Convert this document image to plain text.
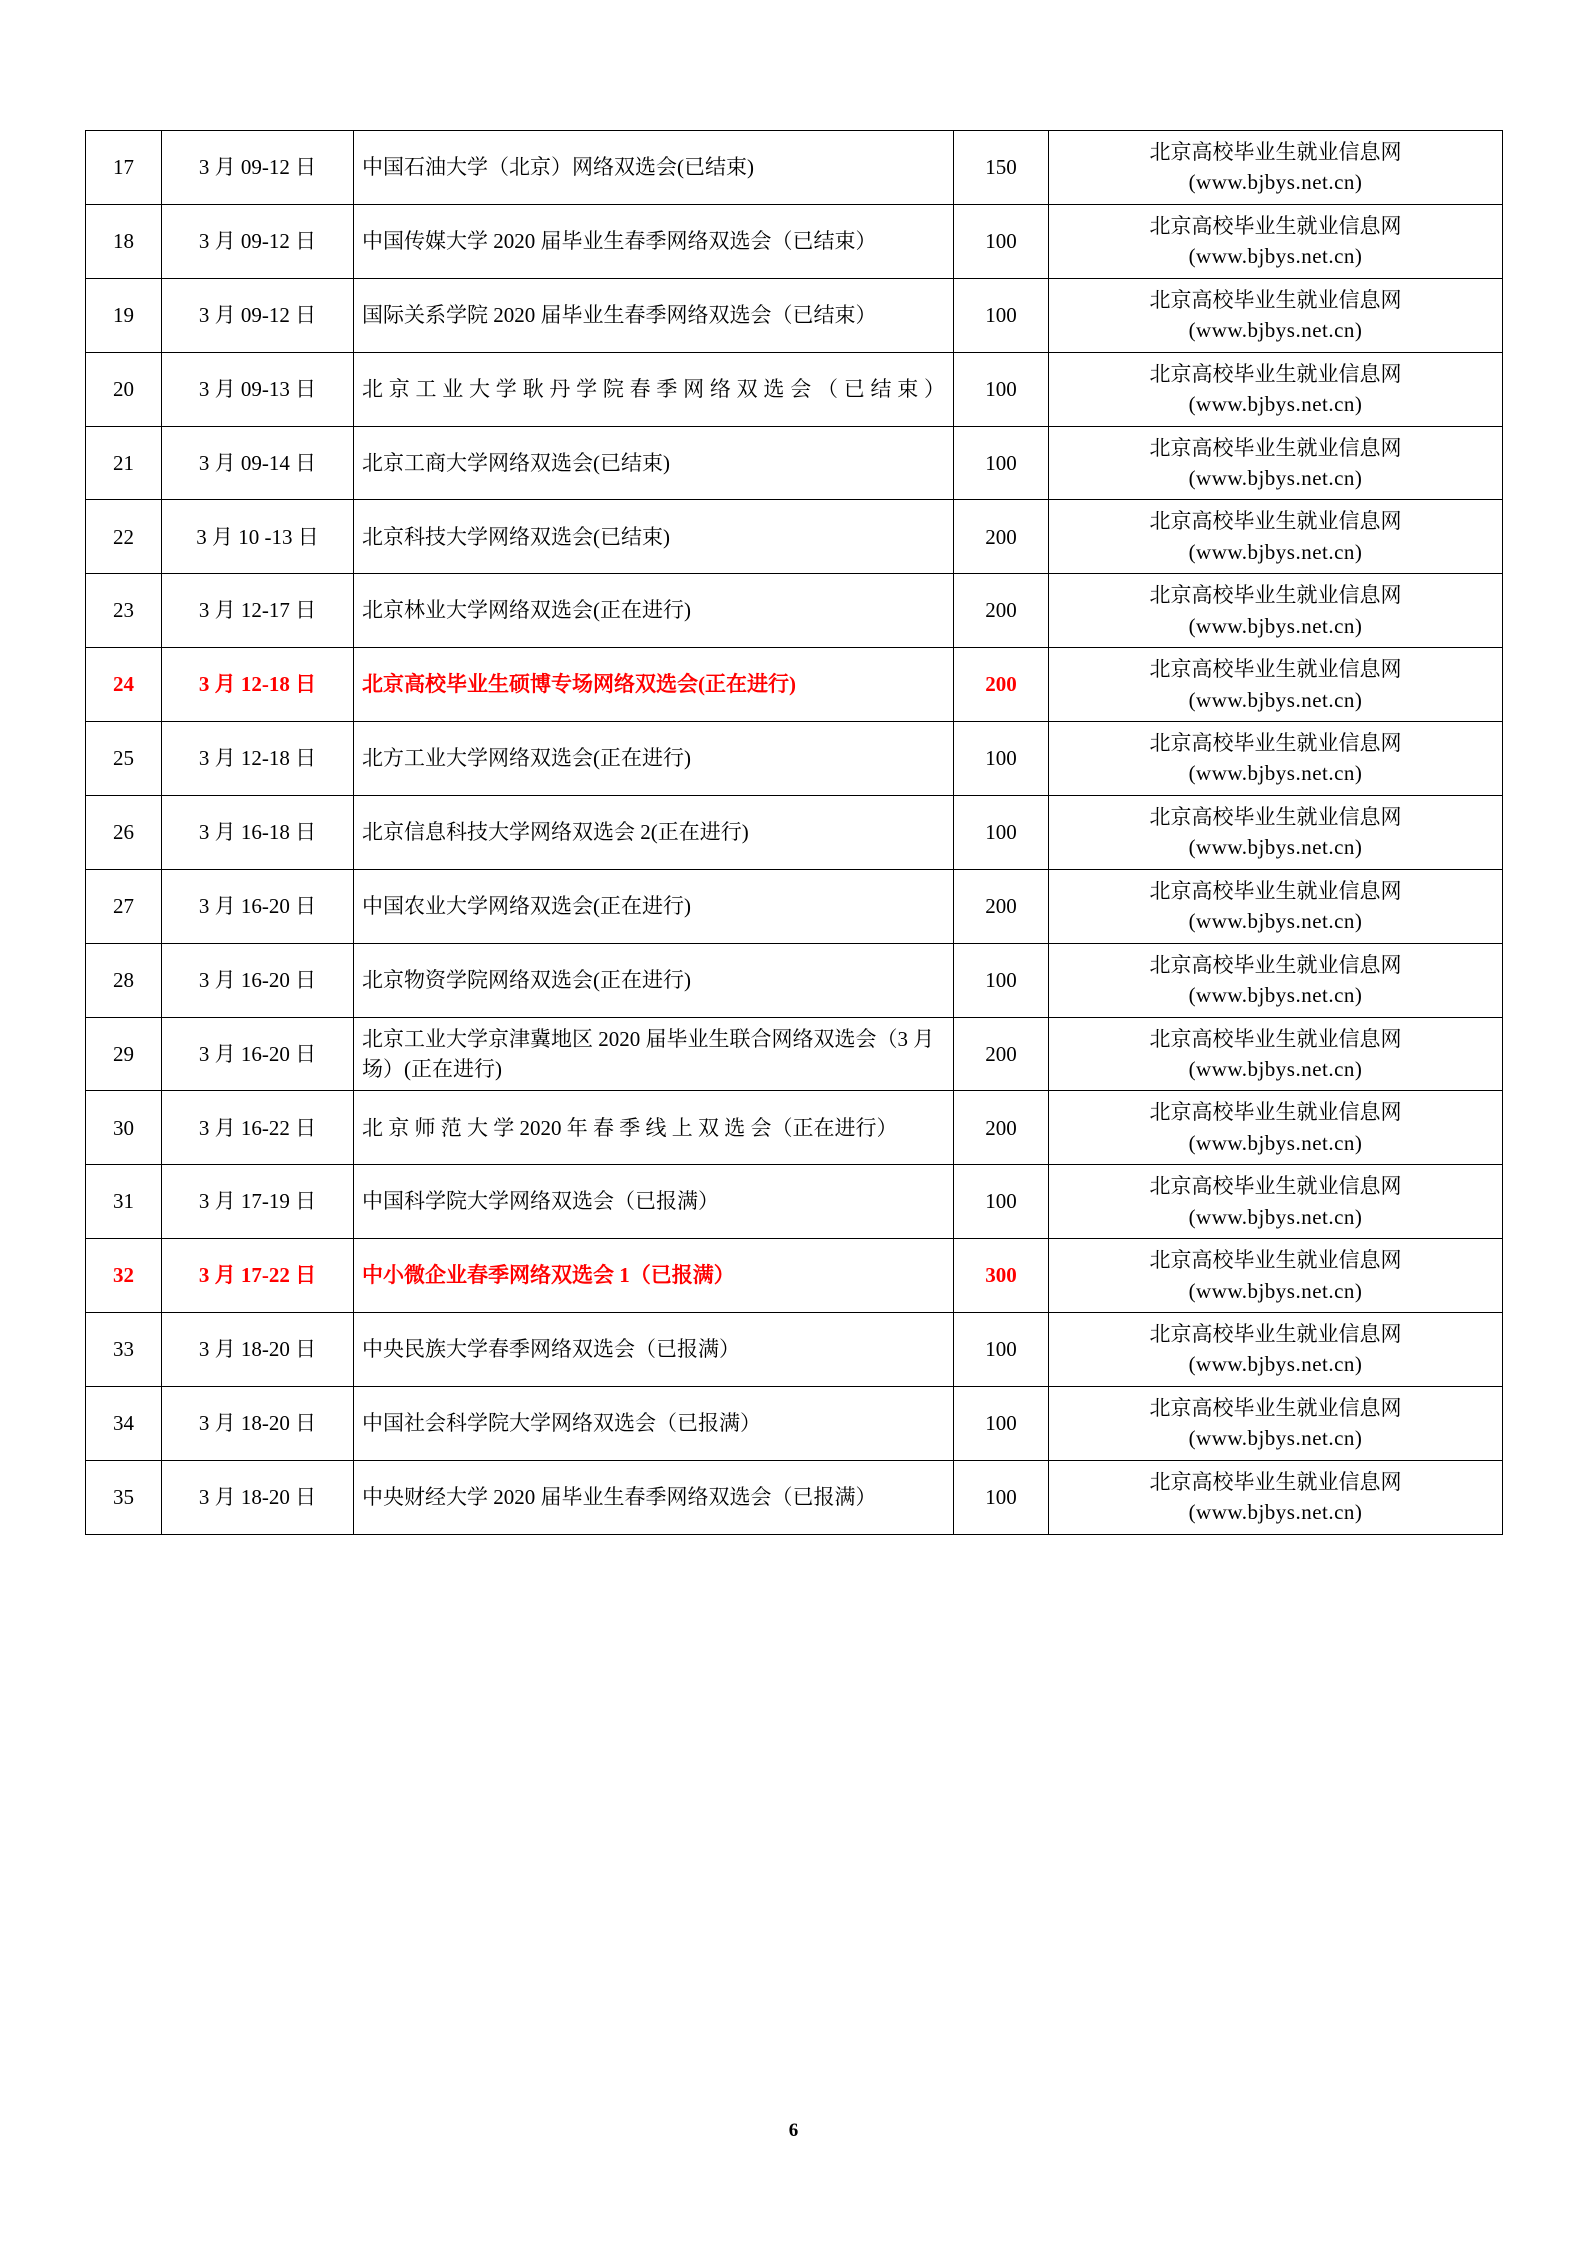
17	3 月 09-12 日	中国石油大学（北京）网络双选会(已结束)	150	北京高校毕业生就业信息网
(www.bjbys.net.cn)

18	3 月 09-12 日	中国传媒大学 2020 届毕业生春季网络双选会（已结束）	100	北京高校毕业生就业信息网
(www.bjbys.net.cn)

19	3 月 09-12 日	国际关系学院 2020 届毕业生春季网络双选会（已结束）	100	北京高校毕业生就业信息网
(www.bjbys.net.cn)

20	3 月 09-13 日	北京工业大学耿丹学院春季网络双选会（已结束）	100	北京高校毕业生就业信息网
(www.bjbys.net.cn)

21	3 月 09-14 日	北京工商大学网络双选会(已结束)	100	北京高校毕业生就业信息网
(www.bjbys.net.cn)

22	3 月 10 -13 日	北京科技大学网络双选会(已结束)	200	北京高校毕业生就业信息网
(www.bjbys.net.cn)

23	3 月 12-17 日	北京林业大学网络双选会(正在进行)	200	北京高校毕业生就业信息网
(www.bjbys.net.cn)

24	3 月 12-18 日	北京高校毕业生硕博专场网络双选会(正在进行)	200	北京高校毕业生就业信息网
(www.bjbys.net.cn)

25	3 月 12-18 日	北方工业大学网络双选会(正在进行)	100	北京高校毕业生就业信息网
(www.bjbys.net.cn)

26	3 月 16-18 日	北京信息科技大学网络双选会 2(正在进行)	100	北京高校毕业生就业信息网
(www.bjbys.net.cn)

27	3 月 16-20 日	中国农业大学网络双选会(正在进行)	200	北京高校毕业生就业信息网
(www.bjbys.net.cn)

28	3 月 16-20 日	北京物资学院网络双选会(正在进行)	100	北京高校毕业生就业信息网
(www.bjbys.net.cn)

29	3 月 16-20 日	北京工业大学京津冀地区 2020 届毕业生联合网络双选会（3 月场）(正在进行)	200	北京高校毕业生就业信息网
(www.bjbys.net.cn)

30	3 月 16-22 日	北 京 师 范 大 学 2020 年 春 季 线 上 双 选 会（正在进行）	200	北京高校毕业生就业信息网
(www.bjbys.net.cn)

31	3 月 17-19 日	中国科学院大学网络双选会（已报满）	100	北京高校毕业生就业信息网
(www.bjbys.net.cn)

32	3 月 17-22 日	中小微企业春季网络双选会 1（已报满）	300	北京高校毕业生就业信息网
(www.bjbys.net.cn)

33	3 月 18-20 日	中央民族大学春季网络双选会（已报满）	100	北京高校毕业生就业信息网
(www.bjbys.net.cn)

34	3 月 18-20 日	中国社会科学院大学网络双选会（已报满）	100	北京高校毕业生就业信息网
(www.bjbys.net.cn)

35	3 月 18-20 日	中央财经大学 2020 届毕业生春季网络双选会（已报满）	100	北京高校毕业生就业信息网
(www.bjbys.net.cn)
6
